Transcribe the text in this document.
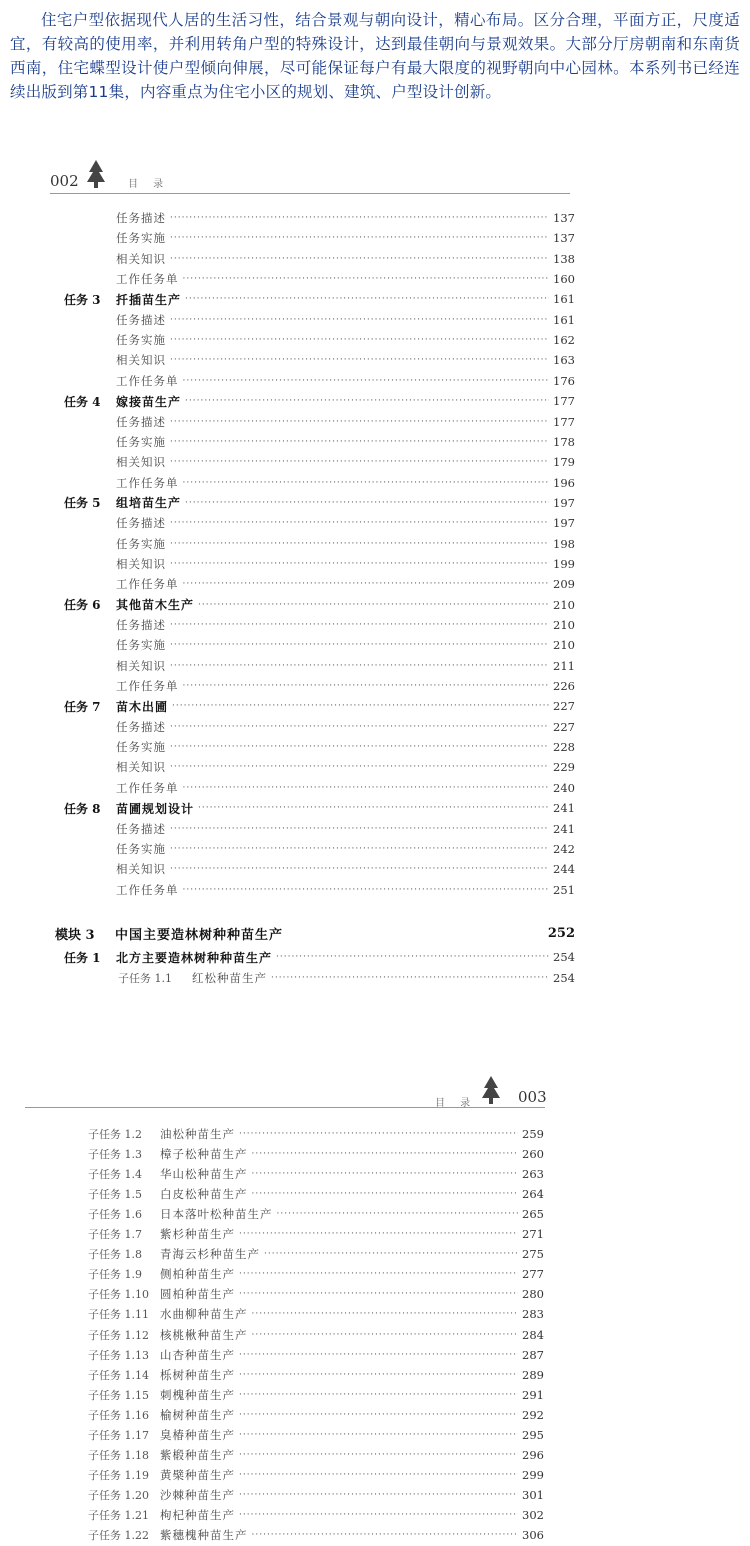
住宅户型依据现代人居的生活习性，结合景观与朝向设计，精心布局。区分合理，平面方正，尺度适宜，有较高的使用率，并利用转角户型的特殊设计，达到最佳朝向与景观效果。大部分厅房朝南和东南货西南，住宅蝶型设计使户型倾向伸展，尽可能保证每户有最大限度的视野朝向中心园林。本系列书已经连续出版到第11集，内容重点为住宅小区的规划、建筑、户型设计创新。
002	目 录
任务描述 ·····	137
任务实施 ·····	137
相关知识 ·····	138
工作任务单 ·····	160
任务 3	扦插苗生产 ·····	161
任务描述 ·····	161
任务实施 ·····	162
相关知识 ·····	163
工作任务单 ·····	176
任务 4	嫁接苗生产 ·····	177
任务描述 ·····	177
任务实施 ·····	178
相关知识 ·····	179
工作任务单 ·····	196
任务 5	组培苗生产 ·····	197
任务描述 ·····	197
任务实施 ·····	198
相关知识 ·····	199
工作任务单 ·····	209
任务 6	其他苗木生产 ·····	210
任务描述 ·····	210
任务实施 ·····	210
相关知识 ·····	211
工作任务单 ·····	226
任务 7	苗木出圃 ·····	227
任务描述 ·····	227
任务实施 ·····	228
相关知识 ·····	229
工作任务单 ·····	240
任务 8	苗圃规划设计 ·····	241
任务描述 ·····	241
任务实施 ·····	242
相关知识 ·····	244
工作任务单 ·····	251
模块 3	中国主要造林树种种苗生产	252
任务 1	北方主要造林树种种苗生产 ·····	254
子任务 1.1	红松种苗生产 ·····	254
目 录	003
子任务 1.2	油松种苗生产 ·····	259
子任务 1.3	樟子松种苗生产 ·····	260
子任务 1.4	华山松种苗生产 ·····	263
子任务 1.5	白皮松种苗生产 ·····	264
子任务 1.6	日本落叶松种苗生产 ·····	265
子任务 1.7	紫杉种苗生产 ·····	271
子任务 1.8	青海云杉种苗生产 ·····	275
子任务 1.9	侧柏种苗生产 ·····	277
子任务 1.10 圆柏种苗生产 ·····	280
子任务 1.11 水曲柳种苗生产 ·····	283
子任务 1.12 核桃楸种苗生产 ·····	284
子任务 1.13 山杏种苗生产 ·····	287
子任务 1.14 栎树种苗生产 ·····	289
子任务 1.15 刺槐种苗生产 ·····	291
子任务 1.16 榆树种苗生产 ·····	292
子任务 1.17 臭椿种苗生产 ·····	295
子任务 1.18 紫椴种苗生产 ·····	296
子任务 1.19 黄檗种苗生产 ·····	299
子任务 1.20 沙棘种苗生产 ·····	301
子任务 1.21 枸杞种苗生产 ·····	302
子任务 1.22 紫穗槐种苗生产 ·····	306
